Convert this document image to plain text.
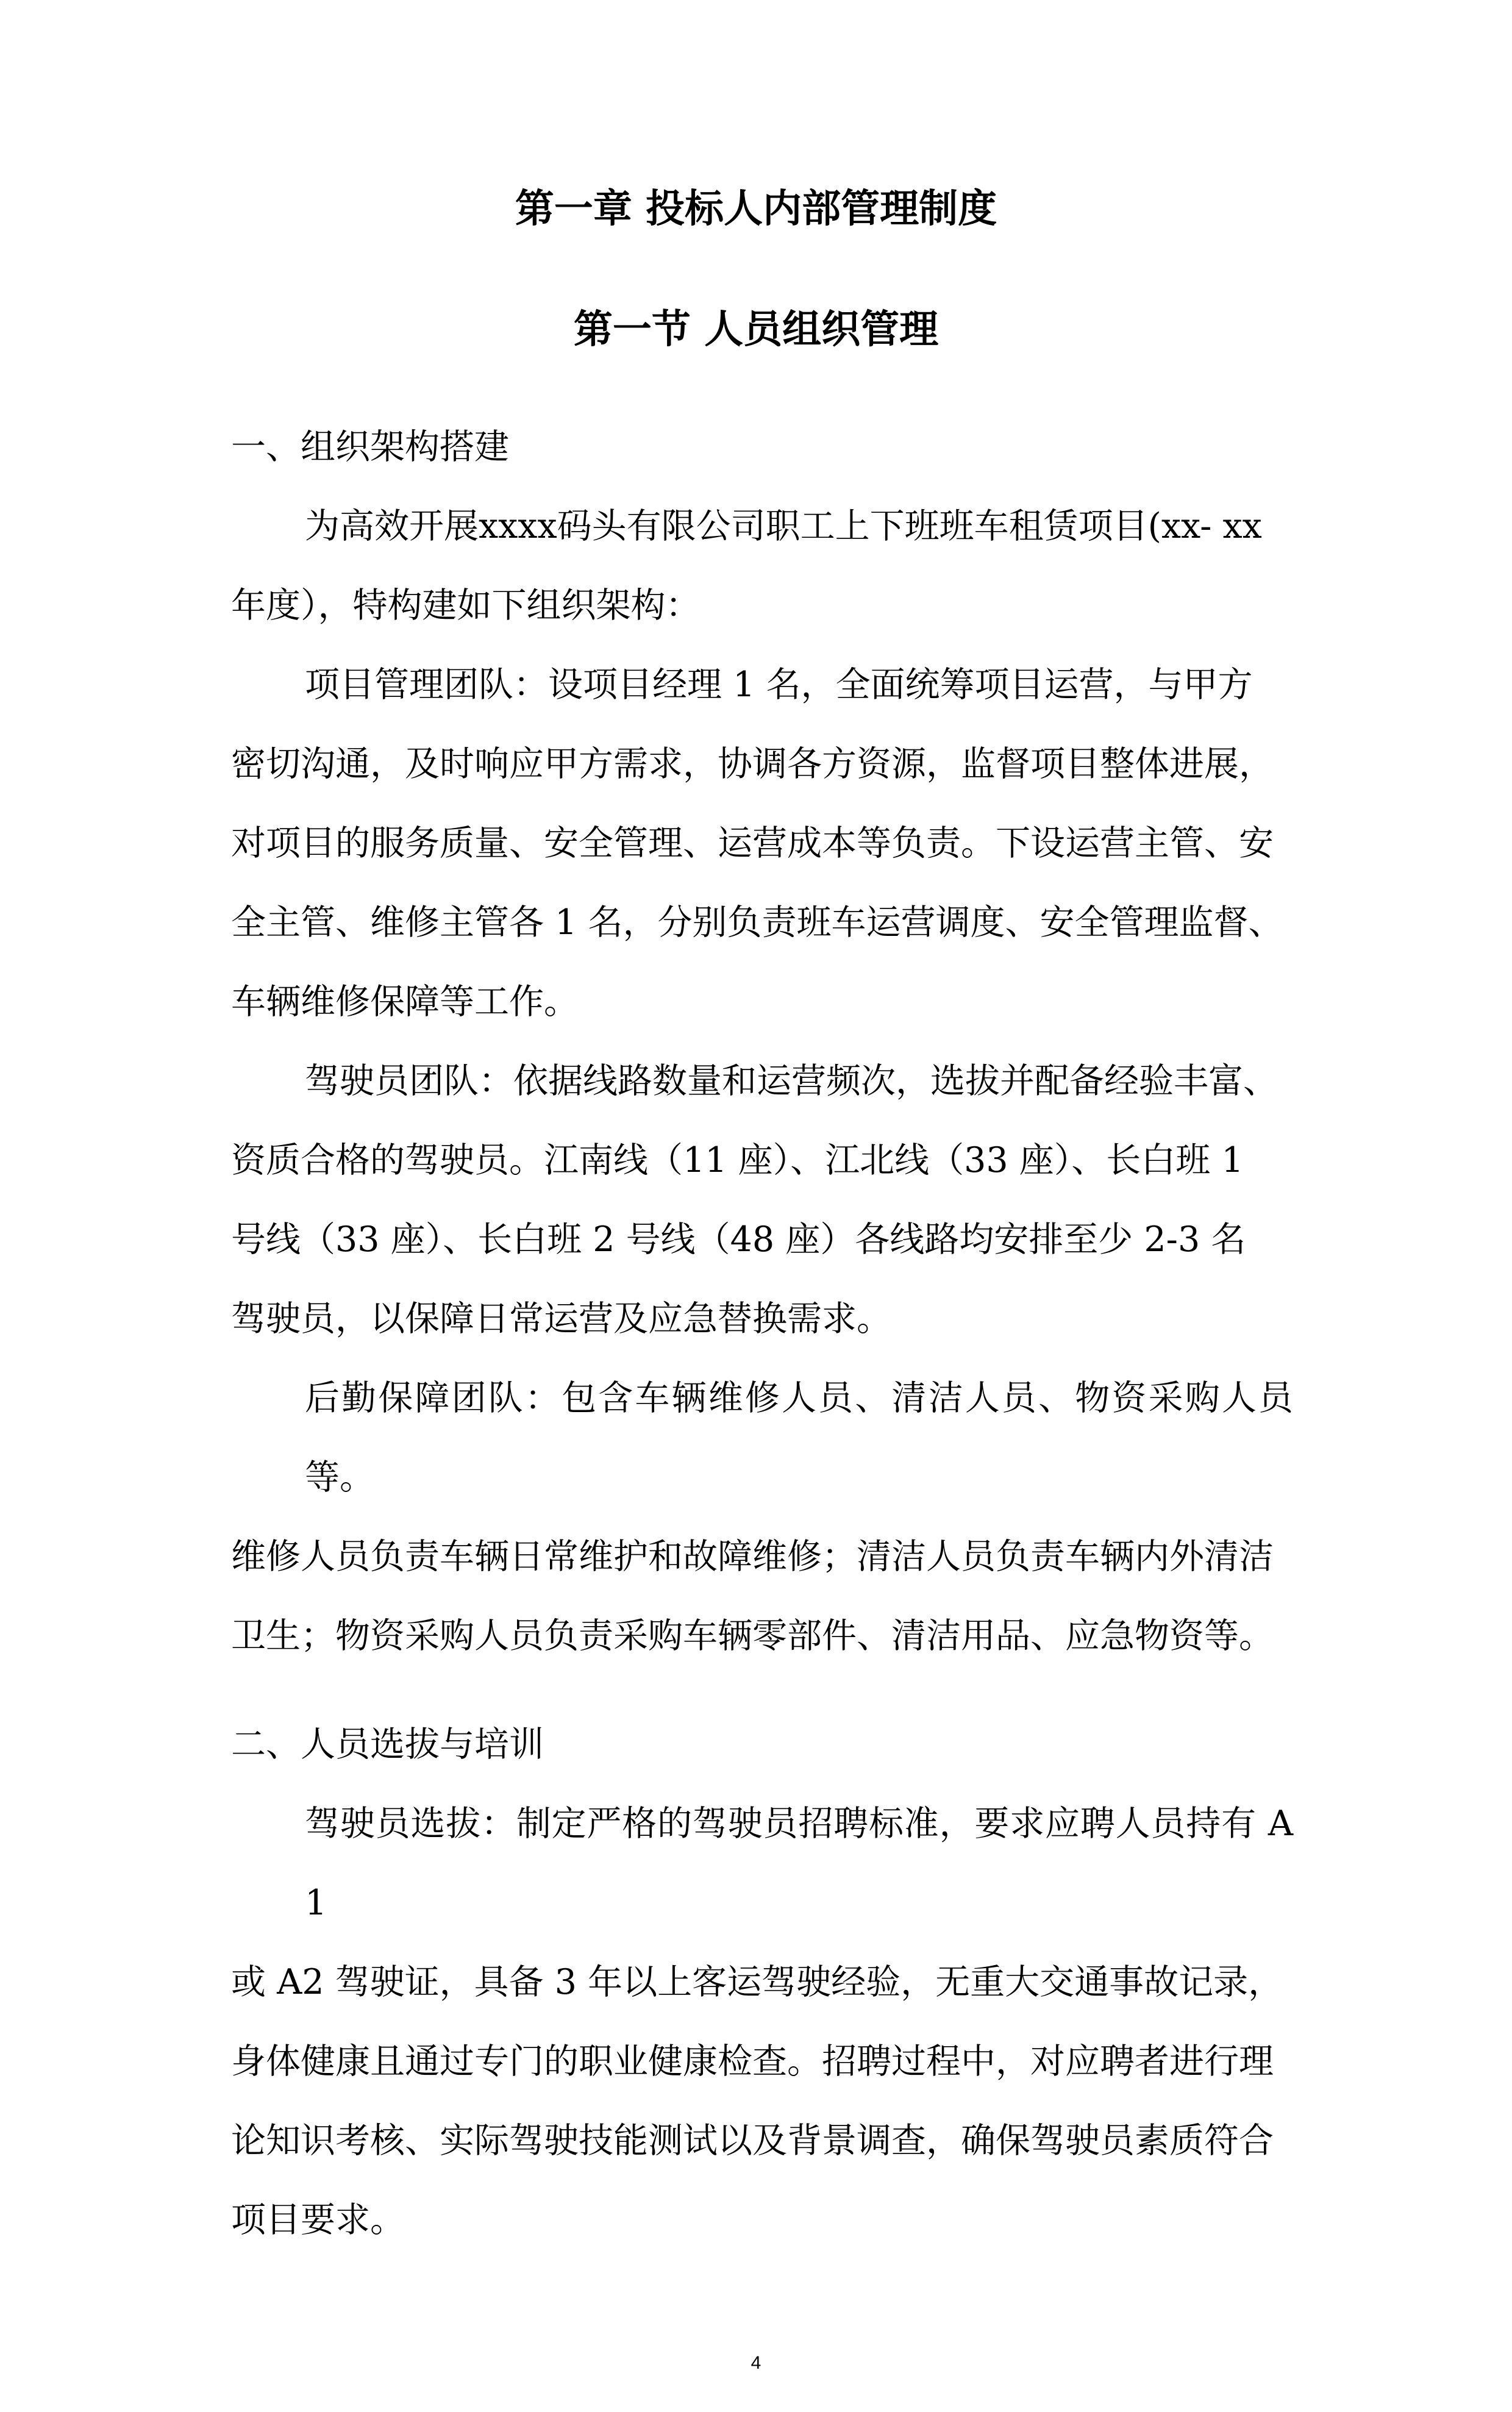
第一章 投标人内部管理制度
第一节 人员组织管理
一、组织架构搭建
为高效开展xxxx码头有限公司职工上下班班车租赁项目(xx- xx
年度），特构建如下组织架构：
项目管理团队：设项目经理 1 名，全面统筹项目运营，与甲方
密切沟通，及时响应甲方需求，协调各方资源，监督项目整体进展，
对项目的服务质量、安全管理、运营成本等负责。下设运营主管、安
全主管、维修主管各 1 名，分别负责班车运营调度、安全管理监督、
车辆维修保障等工作。
驾驶员团队：依据线路数量和运营频次，选拔并配备经验丰富、
资质合格的驾驶员。江南线（11 座）、江北线（33 座）、长白班 1
号线（33 座）、长白班 2 号线（48 座）各线路均安排至少 2-3 名
驾驶员，以保障日常运营及应急替换需求。
后勤保障团队：包含车辆维修人员、清洁人员、物资采购人员等。
维修人员负责车辆日常维护和故障维修；清洁人员负责车辆内外清洁
卫生；物资采购人员负责采购车辆零部件、清洁用品、应急物资等。
二、人员选拔与培训
驾驶员选拔：制定严格的驾驶员招聘标准，要求应聘人员持有 A1
或 A2 驾驶证，具备 3 年以上客运驾驶经验，无重大交通事故记录，
身体健康且通过专门的职业健康检查。招聘过程中，对应聘者进行理
论知识考核、实际驾驶技能测试以及背景调查，确保驾驶员素质符合
项目要求。
4
